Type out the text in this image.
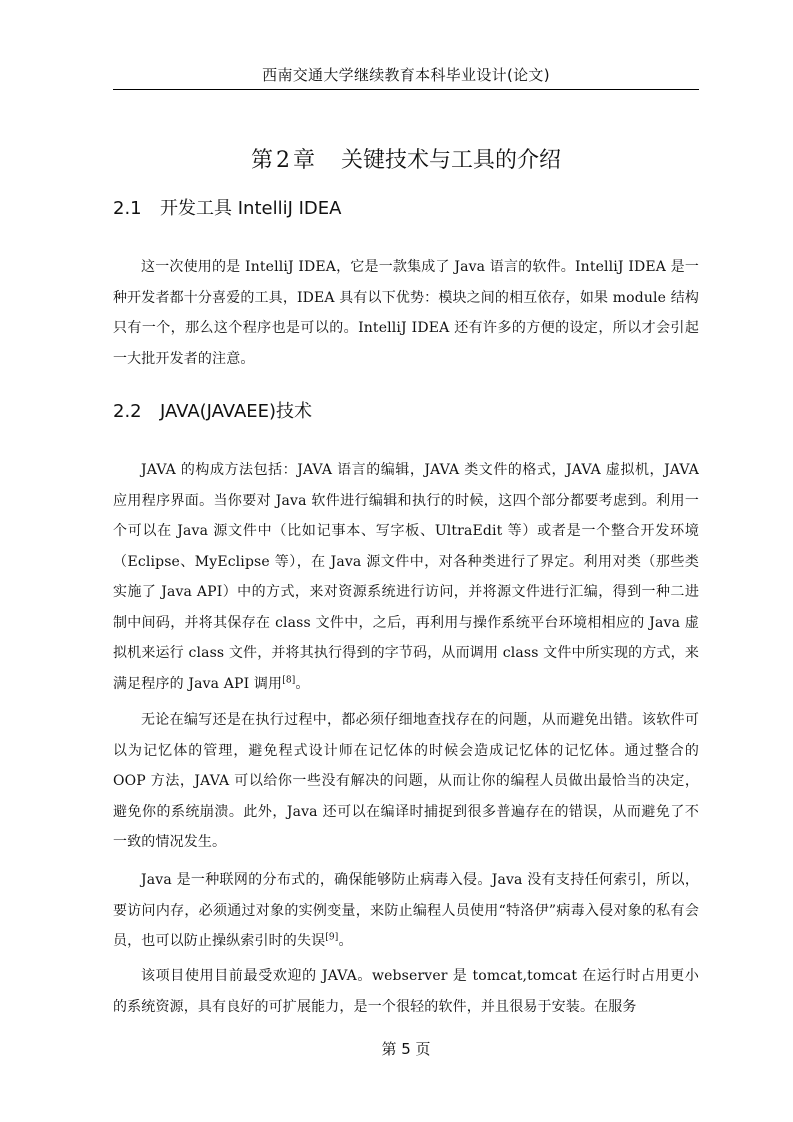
西南交通大学继续教育本科毕业设计(论文)
第 2 章 关键技术与工具的介绍
2.1 开发工具 IntelliJ IDEA
这一次使用的是 IntelliJ IDEA，它是一款集成了 Java 语言的软件。IntelliJ IDEA 是一种开发者都十分喜爱的工具，IDEA 具有以下优势：模块之间的相互依存，如果 module 结构只有一个，那么这个程序也是可以的。IntelliJ IDEA 还有许多的方便的设定，所以才会引起一大批开发者的注意。
2.2 JAVA(JAVAEE)技术
JAVA 的构成方法包括：JAVA 语言的编辑，JAVA 类文件的格式，JAVA 虚拟机，JAVA 应用程序界面。当你要对 Java 软件进行编辑和执行的时候，这四个部分都要考虑到。利用一个可以在 Java 源文件中（比如记事本、写字板、UltraEdit 等）或者是一个整合开发环境（Eclipse、MyEclipse 等），在 Java 源文件中，对各种类进行了界定。利用对类（那些类实施了 Java API）中的方式，来对资源系统进行访问，并将源文件进行汇编，得到一种二进制中间码，并将其保存在 class 文件中，之后，再利用与操作系统平台环境相相应的 Java 虚拟机来运行 class 文件，并将其执行得到的字节码，从而调用 class 文件中所实现的方式，来满足程序的 Java API 调用[8]。
无论在编写还是在执行过程中，都必须仔细地查找存在的问题，从而避免出错。该软件可以为记忆体的管理，避免程式设计师在记忆体的时候会造成记忆体的记忆体。通过整合的 OOP 方法，JAVA 可以给你一些没有解决的问题，从而让你的编程人员做出最恰当的决定，避免你的系统崩溃。此外，Java 还可以在编译时捕捉到很多普遍存在的错误，从而避免了不一致的情况发生。
Java 是一种联网的分布式的，确保能够防止病毒入侵。Java 没有支持任何索引，所以，要访问内存，必须通过对象的实例变量，来防止编程人员使用“特洛伊”病毒入侵对象的私有会员，也可以防止操纵索引时的失误[9]。
该项目使用目前最受欢迎的 JAVA。webserver 是 tomcat,tomcat 在运行时占用更小的系统资源，具有良好的可扩展能力，是一个很轻的软件，并且很易于安装。在服务
第 5 页
